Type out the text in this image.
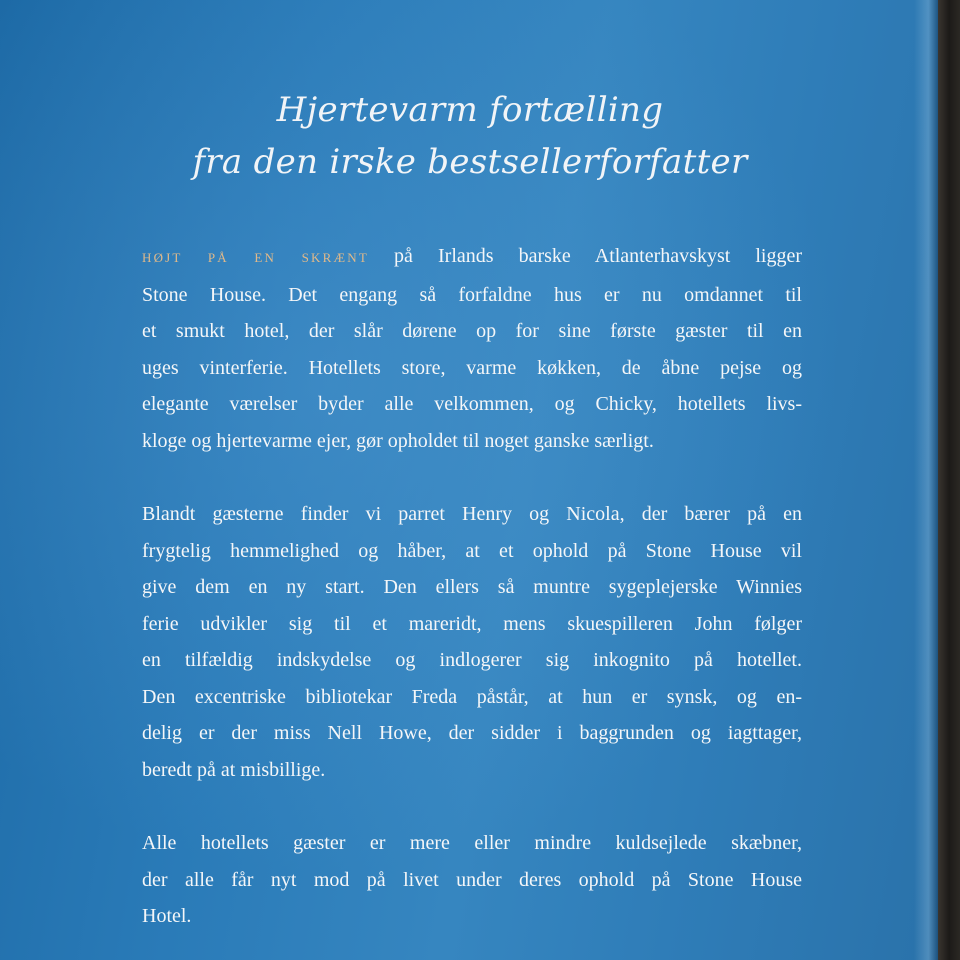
Hjertevarm fortælling
fra den irske bestsellerforfatter
HØJT PÅ EN SKRÆNT på Irlands barske Atlanterhavskyst ligger
Stone House. Det engang så forfaldne hus er nu omdannet til
et smukt hotel, der slår dørene op for sine første gæster til en
uges vinterferie. Hotellets store, varme køkken, de åbne pejse og
elegante værelser byder alle velkommen, og Chicky, hotellets livs-
kloge og hjertevarme ejer, gør opholdet til noget ganske særligt.
Blandt gæsterne finder vi parret Henry og Nicola, der bærer på en
frygtelig hemmelighed og håber, at et ophold på Stone House vil
give dem en ny start. Den ellers så muntre sygeplejerske Winnies
ferie udvikler sig til et mareridt, mens skuespilleren John følger
en tilfældig indskydelse og indlogerer sig inkognito på hotellet.
Den excentriske bibliotekar Freda påstår, at hun er synsk, og en-
delig er der miss Nell Howe, der sidder i baggrunden og iagttager,
beredt på at misbillige.
Alle hotellets gæster er mere eller mindre kuldsejlede skæbner,
der alle får nyt mod på livet under deres ophold på Stone House
Hotel.
